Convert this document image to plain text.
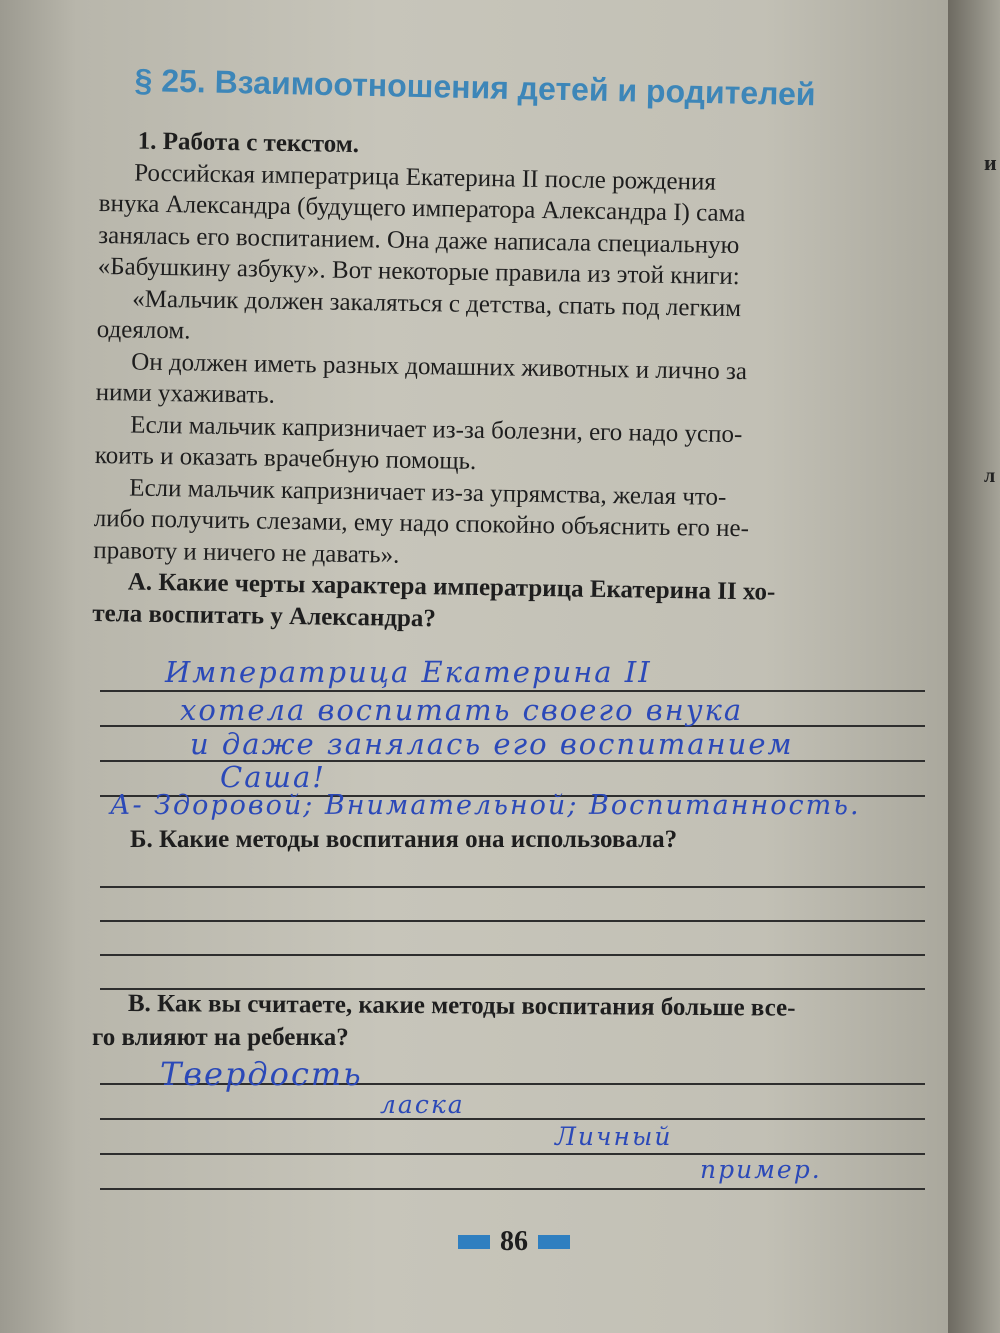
§ 25. Взаимоотношения детей и родителей
1. Работа с текстом.
Российская императрица Екатерина II после рождения
внука Александра (будущего императора Александра I) сама
занялась его воспитанием. Она даже написала специальную
«Бабушкину азбуку». Вот некоторые правила из этой книги:
«Мальчик должен закаляться с детства, спать под легким
одеялом.
Он должен иметь разных домашних животных и лично за
ними ухаживать.
Если мальчик капризничает из-за болезни, его надо успо-
коить и оказать врачебную помощь.
Если мальчик капризничает из-за упрямства, желая что-
либо получить слезами, ему надо спокойно объяснить его не-
правоту и ничего не давать».
А. Какие черты характера императрица Екатерина II хо-
тела воспитать у Александра?
Императрица Екатерина II
хотела воспитать своего внука
и даже занялась его воспитанием
Саша!
А- Здоровой; Внимательной; Воспитанность.
Б. Какие методы воспитания она использовала?
В. Как вы считаете, какие методы воспитания больше все-
го влияют на ребенка?
Твердость
ласка
Личный
пример.
86
и
л
